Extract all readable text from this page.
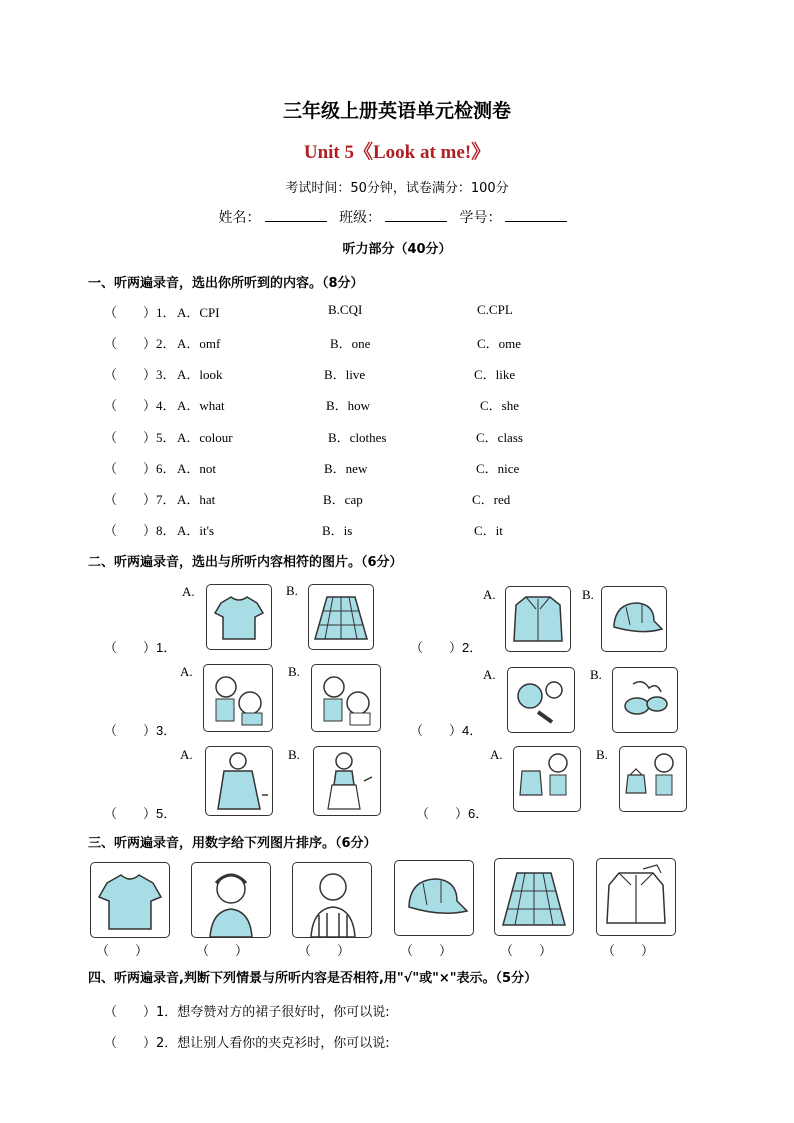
三年级上册英语单元检测卷
Unit 5《Look at me!》
考试时间：50分钟，试卷满分：100分
姓名：	班级：	学号：
听力部分（40分）
一、听两遍录音，选出你所听到的内容。（8分）
（　　）1． A．CPI	B.CQI	C.CPL
（　　）2． A．omf	B．one	C．ome
（　　）3． A．look	B．live	C．like
（　　）4． A．what	B．how	C．she
（　　）5． A．colour	B．clothes	C．class
（　　）6． A．not	B．new	C．nice
（　　）7． A．hat	B．cap	C．red
（　　）8． A．it's	B．is	C．it
二、听两遍录音，选出与所听内容相符的图片。（6分）
（　　）1．
A.	B.
（　　）2．
A.	B.
（　　）3．
A.	B.
（　　）4．
A.	B.
（　　）5．
A.	B.
（　　）6．
A.	B.
三、听两遍录音，用数字给下列图片排序。（6分）
（　　）	（　　）	（　　）	（　　）	（　　）	（　　）
四、听两遍录音,判断下列情景与所听内容是否相符,用"√"或"×"表示。（5分）
（　　）1．想夸赞对方的裙子很好时，你可以说:
（　　）2．想让别人看你的夹克衫时，你可以说:
